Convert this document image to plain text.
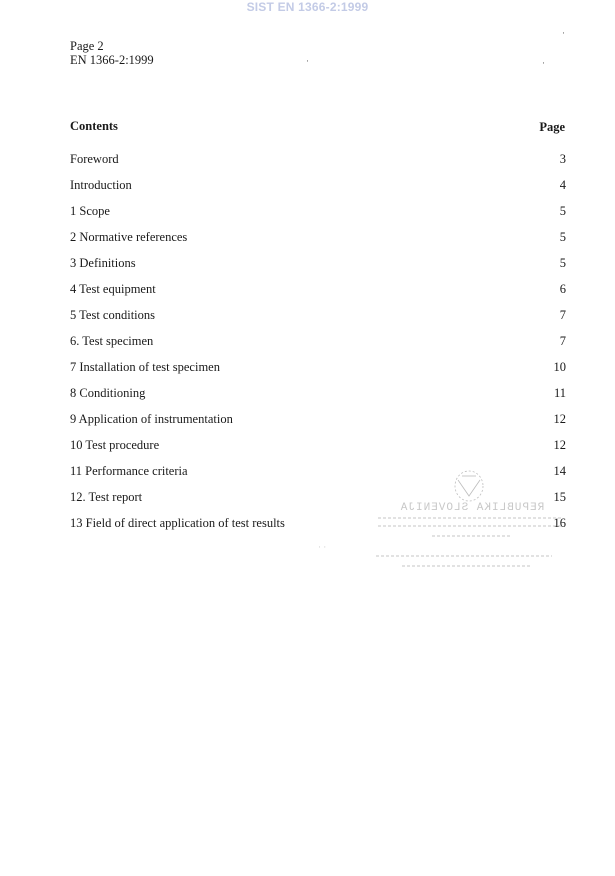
SIST EN 1366-2:1999
Page 2
EN 1366-2:1999
Contents	Page
Foreword	3
Introduction	4
1 Scope	5
2 Normative references	5
3 Definitions	5
4 Test equipment	6
5 Test conditions	7
6. Test specimen	7
7 Installation of test specimen	10
8 Conditioning	11
9 Application of instrumentation	12
10 Test procedure	12
11 Performance criteria	14
12. Test report	15
13 Field of direct application of test results	16
REPUBLIKA SLOVENIJA
·
·
·
· ·
